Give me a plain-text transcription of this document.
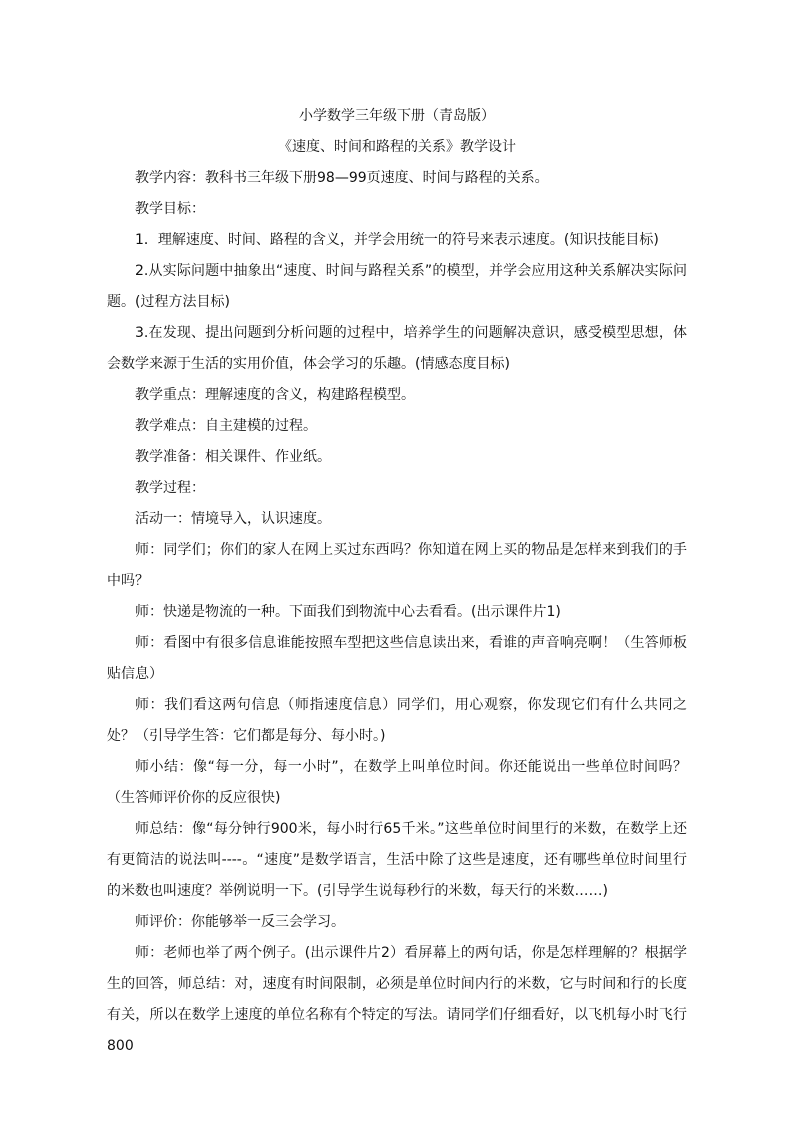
小学数学三年级下册（青岛版）

《速度、时间和路程的关系》教学设计

教学内容：教科书三年级下册98—99页速度、时间与路程的关系。

教学目标：

1．理解速度、时间、路程的含义，并学会用统一的符号来表示速度。(知识技能目标)

2.从实际问题中抽象出“速度、时间与路程关系”的模型，并学会应用这种关系解决实际问题。(过程方法目标)

3.在发现、提出问题到分析问题的过程中，培养学生的问题解决意识，感受模型思想，体会数学来源于生活的实用价值，体会学习的乐趣。(情感态度目标)

教学重点：理解速度的含义，构建路程模型。

教学难点：自主建模的过程。

教学准备：相关课件、作业纸。

教学过程：

活动一：情境导入，认识速度。

师：同学们；你们的家人在网上买过东西吗？你知道在网上买的物品是怎样来到我们的手中吗？

师：快递是物流的一种。下面我们到物流中心去看看。(出示课件片1)

师：看图中有很多信息谁能按照车型把这些信息读出来，看谁的声音响亮啊！（生答师板贴信息）

师：我们看这两句信息（师指速度信息）同学们，用心观察，你发现它们有什么共同之处？（引导学生答：它们都是每分、每小时。)

师小结：像“每一分，每一小时”，在数学上叫单位时间。你还能说出一些单位时间吗？（生答师评价你的反应很快)

师总结：像“每分钟行900米，每小时行65千米。”这些单位时间里行的米数，在数学上还有更简洁的说法叫----。“速度”是数学语言，生活中除了这些是速度，还有哪些单位时间里行的米数也叫速度？举例说明一下。(引导学生说每秒行的米数，每天行的米数……)

师评价：你能够举一反三会学习。

师：老师也举了两个例子。(出示课件片2）看屏幕上的两句话，你是怎样理解的？根据学生的回答，师总结：对，速度有时间限制，必须是单位时间内行的米数，它与时间和行的长度有关，所以在数学上速度的单位名称有个特定的写法。请同学们仔细看好，以飞机每小时飞行800
